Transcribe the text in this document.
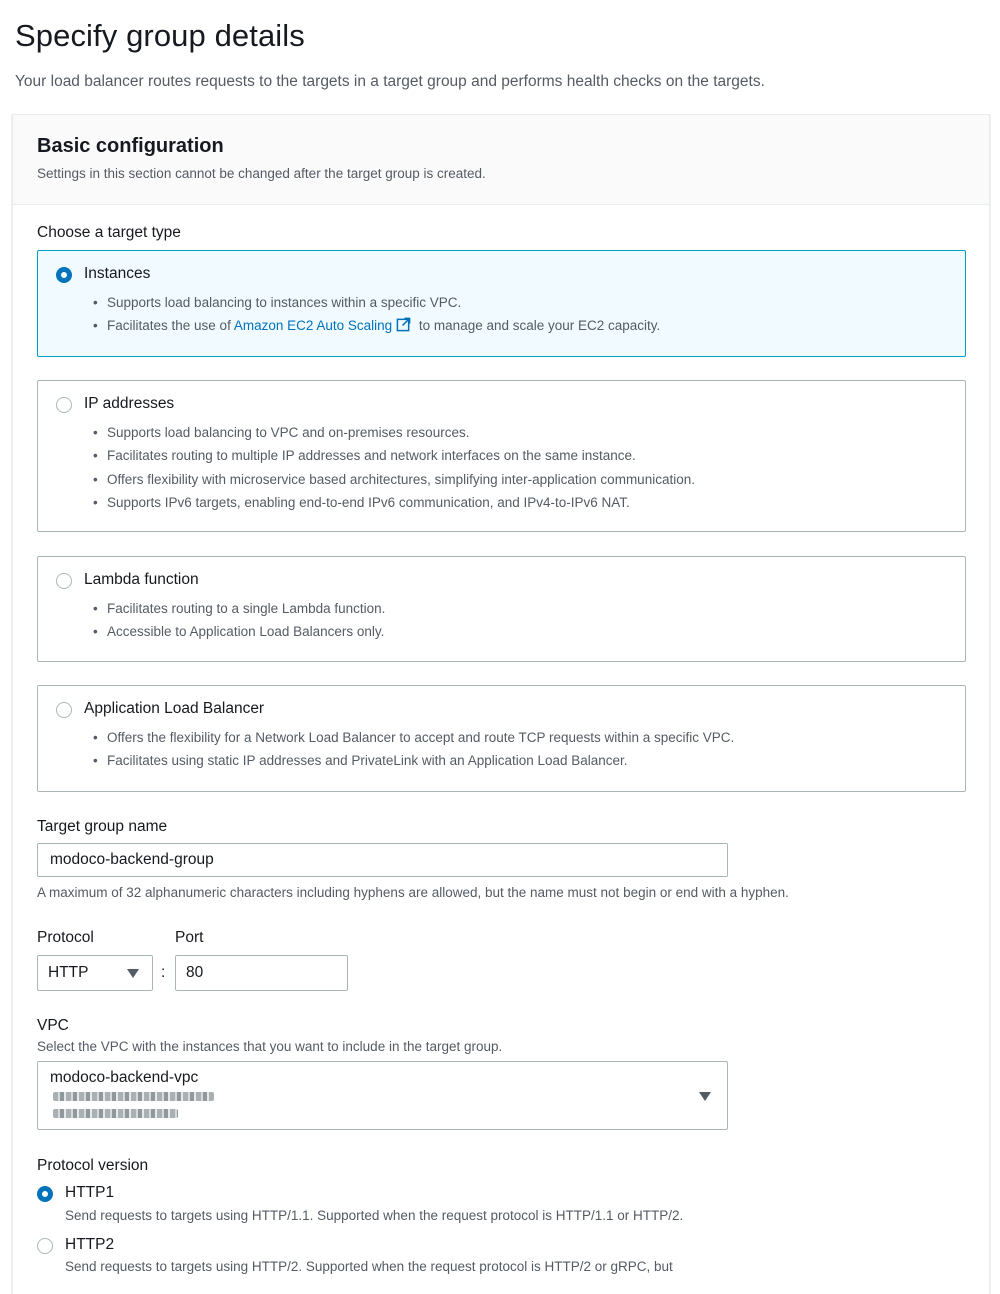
Specify group details
Your load balancer routes requests to the targets in a target group and performs health checks on the targets.
Basic configuration
Settings in this section cannot be changed after the target group is created.
Choose a target type
Instances
• Supports load balancing to instances within a specific VPC.
• Facilitates the use of Amazon EC2 Auto Scaling to manage and scale your EC2 capacity.
IP addresses
• Supports load balancing to VPC and on-premises resources.
• Facilitates routing to multiple IP addresses and network interfaces on the same instance.
• Offers flexibility with microservice based architectures, simplifying inter-application communication.
• Supports IPv6 targets, enabling end-to-end IPv6 communication, and IPv4-to-IPv6 NAT.
Lambda function
• Facilitates routing to a single Lambda function.
• Accessible to Application Load Balancers only.
Application Load Balancer
• Offers the flexibility for a Network Load Balancer to accept and route TCP requests within a specific VPC.
• Facilitates using static IP addresses and PrivateLink with an Application Load Balancer.
Target group name
modoco-backend-group
A maximum of 32 alphanumeric characters including hyphens are allowed, but the name must not begin or end with a hyphen.
Protocol	Port
HTTP	:	80
VPC
Select the VPC with the instances that you want to include in the target group.
modoco-backend-vpc
Protocol version
HTTP1
Send requests to targets using HTTP/1.1. Supported when the request protocol is HTTP/1.1 or HTTP/2.
HTTP2
Send requests to targets using HTTP/2. Supported when the request protocol is HTTP/2 or gRPC, but
